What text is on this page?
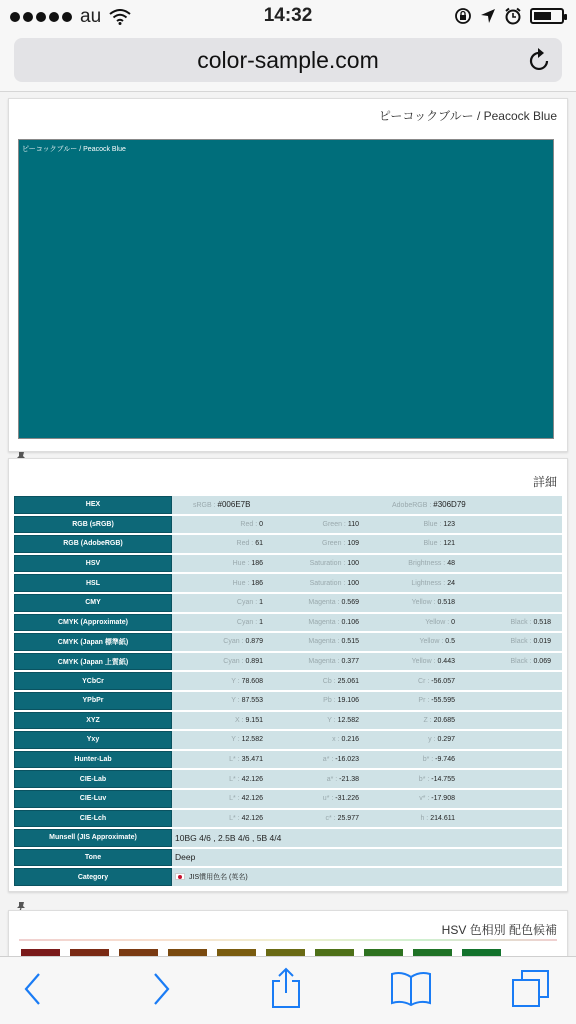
au	14:32
color-sample.com
ピーコックブルー / Peacock Blue
ピーコックブルー / Peacock Blue
詳細
HEX	sRGB : #006E7B AdobeRGB : #306D79

RGB (sRGB)	Red : 0 Green : 110 Blue : 123

RGB (AdobeRGB)	Red : 61 Green : 109 Blue : 121

HSV	Hue : 186 Saturation : 100 Brightness : 48

HSL	Hue : 186 Saturation : 100 Lightness : 24

CMY	Cyan : 1 Magenta : 0.569 Yellow : 0.518

CMYK (Approximate)	Cyan : 1 Magenta : 0.106 Yellow : 0 Black : 0.518

CMYK (Japan 標準紙)	Cyan : 0.879 Magenta : 0.515 Yellow : 0.5 Black : 0.019

CMYK (Japan 上質紙)	Cyan : 0.891 Magenta : 0.377 Yellow : 0.443 Black : 0.069

YCbCr	Y : 78.608 Cb : 25.061 Cr : -56.057

YPbPr	Y : 87.553 Pb : 19.106 Pr : -55.595

XYZ	X : 9.151 Y : 12.582 Z : 20.685

Yxy	Y : 12.582 x : 0.216 y : 0.297

Hunter-Lab	L* : 35.471 a* : -16.023 b* : -9.746

CIE-Lab	L* : 42.126 a* : -21.38 b* : -14.755

CIE-Luv	L* : 42.126 u* : -31.226 v* : -17.908

CIE-Lch	L* : 42.126 c* : 25.977 h : 214.611

Munsell (JIS Approximate)	10BG 4/6 , 2.5B 4/6 , 5B 4/4
Tone	Deep
Category	JIS慣用色名 (英名)
HSV 色相別 配色候補
